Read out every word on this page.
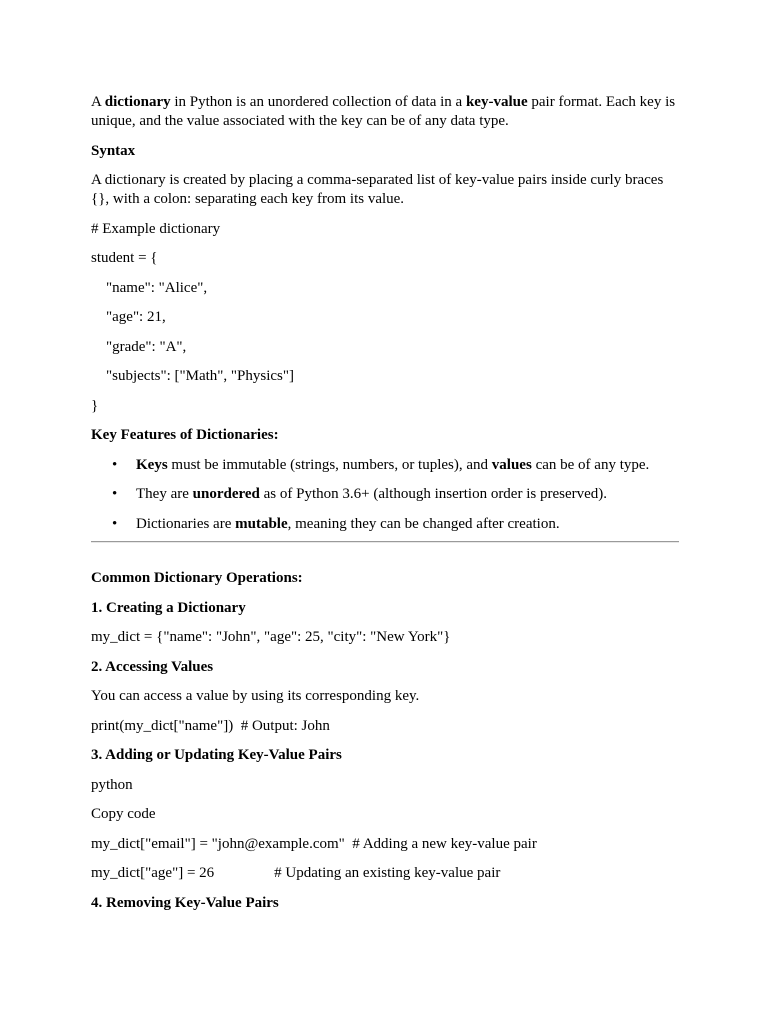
A dictionary in Python is an unordered collection of data in a key-value pair format. Each key is unique, and the value associated with the key can be of any data type.

Syntax

A dictionary is created by placing a comma-separated list of key-value pairs inside curly braces {}, with a colon: separating each key from its value.

# Example dictionary
student = {
"name": "Alice",
"age": 21,
"grade": "A",
"subjects": ["Math", "Physics"]
}

Key Features of Dictionaries:

• Keys must be immutable (strings, numbers, or tuples), and values can be of any type.
• They are unordered as of Python 3.6+ (although insertion order is preserved).
• Dictionaries are mutable, meaning they can be changed after creation.

Common Dictionary Operations:

1. Creating a Dictionary

my_dict = {"name": "John", "age": 25, "city": "New York"}

2. Accessing Values

You can access a value by using its corresponding key.

print(my_dict["name"])  # Output: John

3. Adding or Updating Key-Value Pairs

python

Copy code

my_dict["email"] = "john@example.com"  # Adding a new key-value pair
my_dict["age"] = 26	# Updating an existing key-value pair

4. Removing Key-Value Pairs
